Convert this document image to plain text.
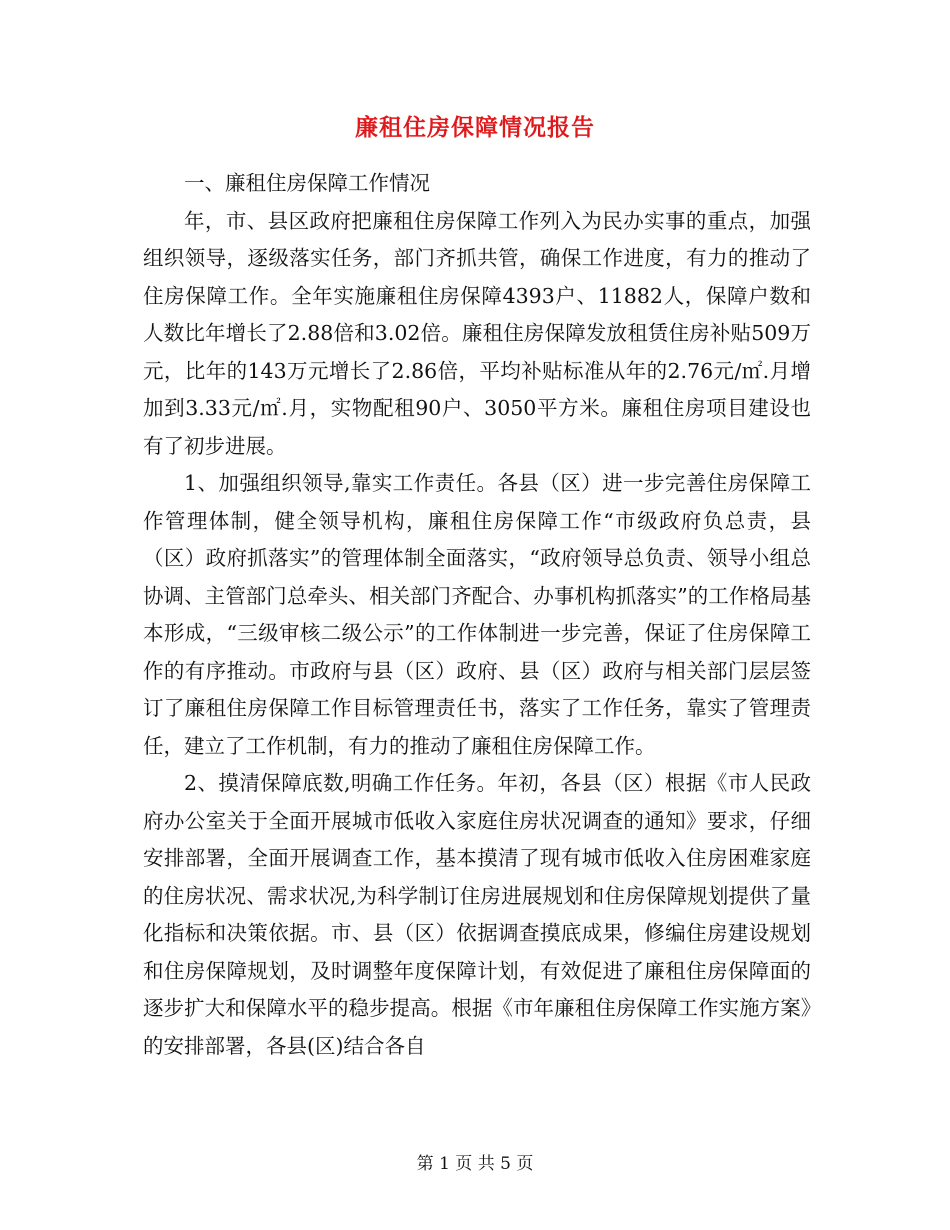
廉租住房保障情况报告

一、廉租住房保障工作情况

年，市、县区政府把廉租住房保障工作列入为民办实事的重点，加强组织领导，逐级落实任务，部门齐抓共管，确保工作进度，有力的推动了住房保障工作。全年实施廉租住房保障4393户、11882人，保障户数和人数比年增长了2.88倍和3.02倍。廉租住房保障发放租赁住房补贴509万元，比年的143万元增长了2.86倍，平均补贴标准从年的2.76元/㎡.月增加到3.33元/㎡.月，实物配租90户、3050平方米。廉租住房项目建设也有了初步进展。

1、加强组织领导,靠实工作责任。各县（区）进一步完善住房保障工作管理体制，健全领导机构，廉租住房保障工作“市级政府负总责，县（区）政府抓落实”的管理体制全面落实，“政府领导总负责、领导小组总协调、主管部门总牵头、相关部门齐配合、办事机构抓落实”的工作格局基本形成，“三级审核二级公示”的工作体制进一步完善，保证了住房保障工作的有序推动。市政府与县（区）政府、县（区）政府与相关部门层层签订了廉租住房保障工作目标管理责任书，落实了工作任务，靠实了管理责任，建立了工作机制，有力的推动了廉租住房保障工作。

2、摸清保障底数,明确工作任务。年初，各县（区）根据《市人民政府办公室关于全面开展城市低收入家庭住房状况调查的通知》要求，仔细安排部署，全面开展调查工作，基本摸清了现有城市低收入住房困难家庭的住房状况、需求状况,为科学制订住房进展规划和住房保障规划提供了量化指标和决策依据。市、县（区）依据调查摸底成果，修编住房建设规划和住房保障规划，及时调整年度保障计划，有效促进了廉租住房保障面的逐步扩大和保障水平的稳步提高。根据《市年廉租住房保障工作实施方案》的安排部署，各县(区)结合各自

第 1 页 共 5 页
